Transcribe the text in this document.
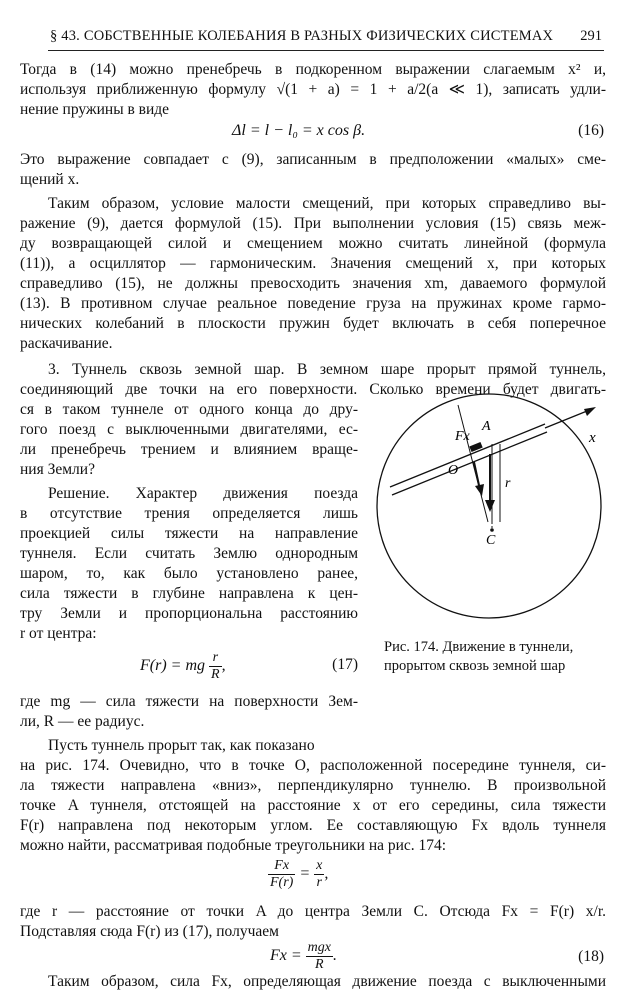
§ 43. СОБСТВЕННЫЕ КОЛЕБАНИЯ В РАЗНЫХ ФИЗИЧЕСКИХ СИСТЕМАХ 291
Тогда в (14) можно пренебречь в подкоренном выражении слагаемым x² и,
используя приближенную формулу √(1 + a) = 1 + a/2(a ≪ 1), записать удли-
нение пружины в виде
Δl = l − l₀ = x cos β.	(16)
Это выражение совпадает с (9), записанным в предположении «малых» сме-
щений x.
Таким образом, условие малости смещений, при которых справедливо вы-
ражение (9), дается формулой (15). При выполнении условия (15) связь меж-
ду возвращающей силой и смещением можно считать линейной (формула
(11)), а осциллятор — гармоническим. Значения смещений x, при которых
справедливо (15), не должны превосходить значения xm, даваемого формулой
(13). В противном случае реальное поведение груза на пружинах кроме гармо-
нических колебаний в плоскости пружин будет включать в себя поперечное
раскачивание.
3. Туннель сквозь земной шар. В земном шаре прорыт прямой туннель,
соединяющий две точки на его поверхности. Сколько времени будет двигать-
ся в таком туннеле от одного конца до дру-
гого поезд с выключенными двигателями, ес-
ли пренебречь трением и влиянием враще-
ния Земли?
Решение. Характер движения поезда
в отсутствие трения определяется лишь
проекцией силы тяжести на направление
туннеля. Если считать Землю однородным
шаром, то, как было установлено ранее,
сила тяжести в глубине направлена к цен-
тру Земли и пропорциональна расстоянию
r от центра:
F(r) = mg $\frac{r}{R}$ ,	(17)
где mg — сила тяжести на поверхности Зем-
ли, R — ее радиус.
Пусть туннель прорыт так, как показано
на рис. 174. Очевидно, что в точке O, расположенной посередине туннеля, си-
ла тяжести направлена «вниз», перпендикулярно туннелю. В произвольной
точке A туннеля, отстоящей на расстояние x от его середины, сила тяжести
F(r) направлена под некоторым углом. Ее составляющую Fx вдоль туннеля
можно найти, рассматривая подобные треугольники на рис. 174:
$\frac{Fx}{F(r)} = \frac{x}{r}$ ,
где r — расстояние от точки A до центра Земли C. Отсюда Fx = F(r) x/r.
Подставляя сюда F(r) из (17), получаем
$Fx = \frac{\text{mgx}}{R}$ .	(18)
Таким образом, сила Fx, определяющая движение поезда с выключенными
x
Fx
A
O
r
C
Рис. 174. Движение в туннели,
прорытом сквозь земной шар
